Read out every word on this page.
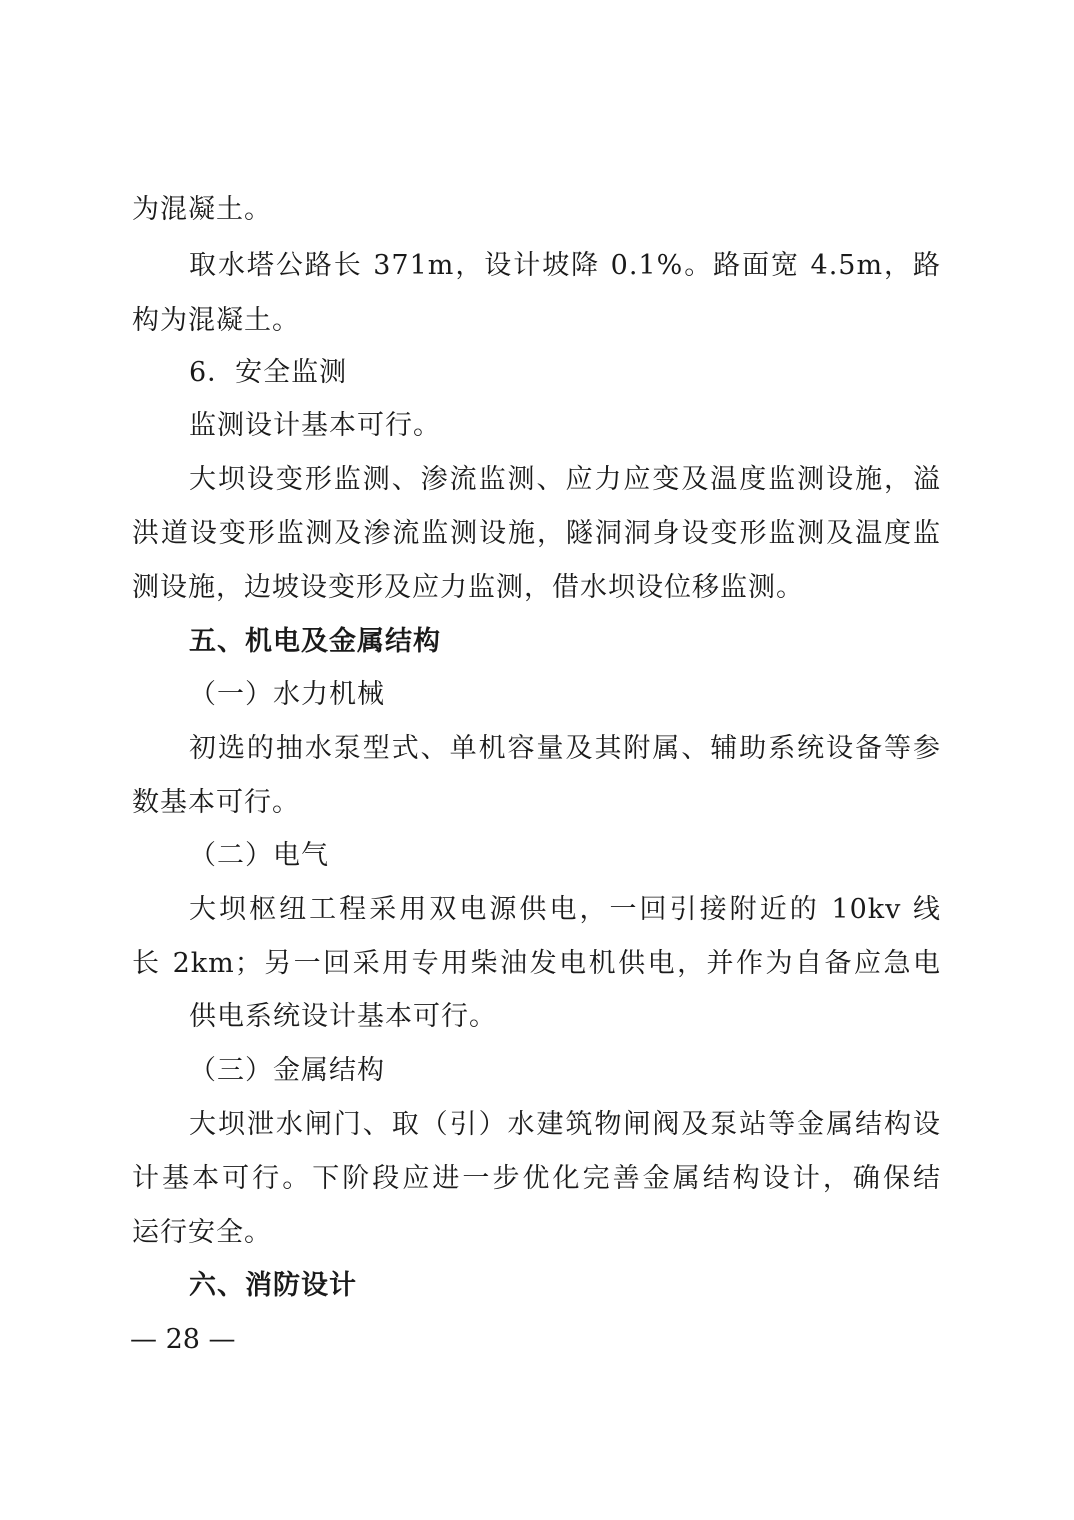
为混凝土。
取水塔公路长 371m，设计坡降 0.1%。路面宽 4.5m，路
构为混凝土。
6．安全监测
监测设计基本可行。
大坝设变形监测、渗流监测、应力应变及温度监测设施，溢
洪道设变形监测及渗流监测设施，隧洞洞身设变形监测及温度监
测设施，边坡设变形及应力监测，借水坝设位移监测。
五、机电及金属结构
（一）水力机械
初选的抽水泵型式、单机容量及其附属、辅助系统设备等参
数基本可行。
（二）电气
大坝枢纽工程采用双电源供电，一回引接附近的 10kv 线
长 2km；另一回采用专用柴油发电机供电，并作为自备应急电
供电系统设计基本可行。
（三）金属结构
大坝泄水闸门、取（引）水建筑物闸阀及泵站等金属结构设
计基本可行。下阶段应进一步优化完善金属结构设计，确保结
运行安全。
六、消防设计
— 28 —
